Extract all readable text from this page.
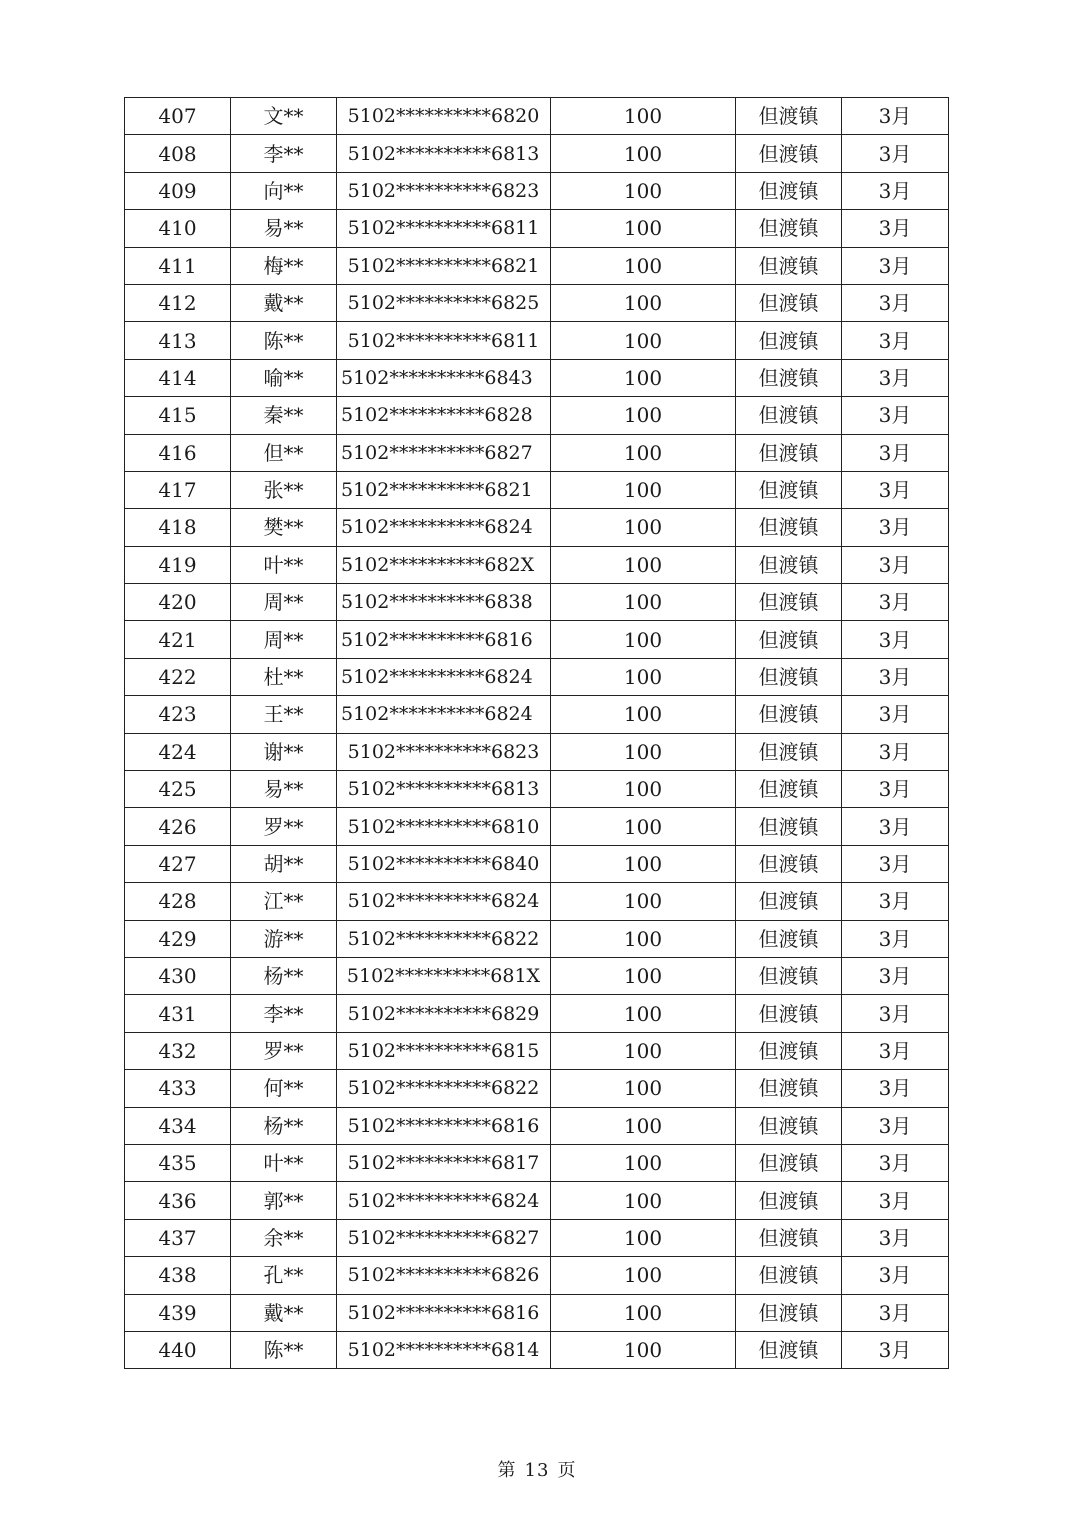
407	文**	5102**********6820	100	但渡镇	3月
408	李**	5102**********6813	100	但渡镇	3月
409	向**	5102**********6823	100	但渡镇	3月
410	易**	5102**********6811	100	但渡镇	3月
411	梅**	5102**********6821	100	但渡镇	3月
412	戴**	5102**********6825	100	但渡镇	3月
413	陈**	5102**********6811	100	但渡镇	3月
414	喻**	5102**********6843	100	但渡镇	3月
415	秦**	5102**********6828	100	但渡镇	3月
416	但**	5102**********6827	100	但渡镇	3月
417	张**	5102**********6821	100	但渡镇	3月
418	樊**	5102**********6824	100	但渡镇	3月
419	叶**	5102**********682X	100	但渡镇	3月
420	周**	5102**********6838	100	但渡镇	3月
421	周**	5102**********6816	100	但渡镇	3月
422	杜**	5102**********6824	100	但渡镇	3月
423	王**	5102**********6824	100	但渡镇	3月
424	谢**	5102**********6823	100	但渡镇	3月
425	易**	5102**********6813	100	但渡镇	3月
426	罗**	5102**********6810	100	但渡镇	3月
427	胡**	5102**********6840	100	但渡镇	3月
428	江**	5102**********6824	100	但渡镇	3月
429	游**	5102**********6822	100	但渡镇	3月
430	杨**	5102**********681X	100	但渡镇	3月
431	李**	5102**********6829	100	但渡镇	3月
432	罗**	5102**********6815	100	但渡镇	3月
433	何**	5102**********6822	100	但渡镇	3月
434	杨**	5102**********6816	100	但渡镇	3月
435	叶**	5102**********6817	100	但渡镇	3月
436	郭**	5102**********6824	100	但渡镇	3月
437	余**	5102**********6827	100	但渡镇	3月
438	孔**	5102**********6826	100	但渡镇	3月
439	戴**	5102**********6816	100	但渡镇	3月
440	陈**	5102**********6814	100	但渡镇	3月
第 13 页
